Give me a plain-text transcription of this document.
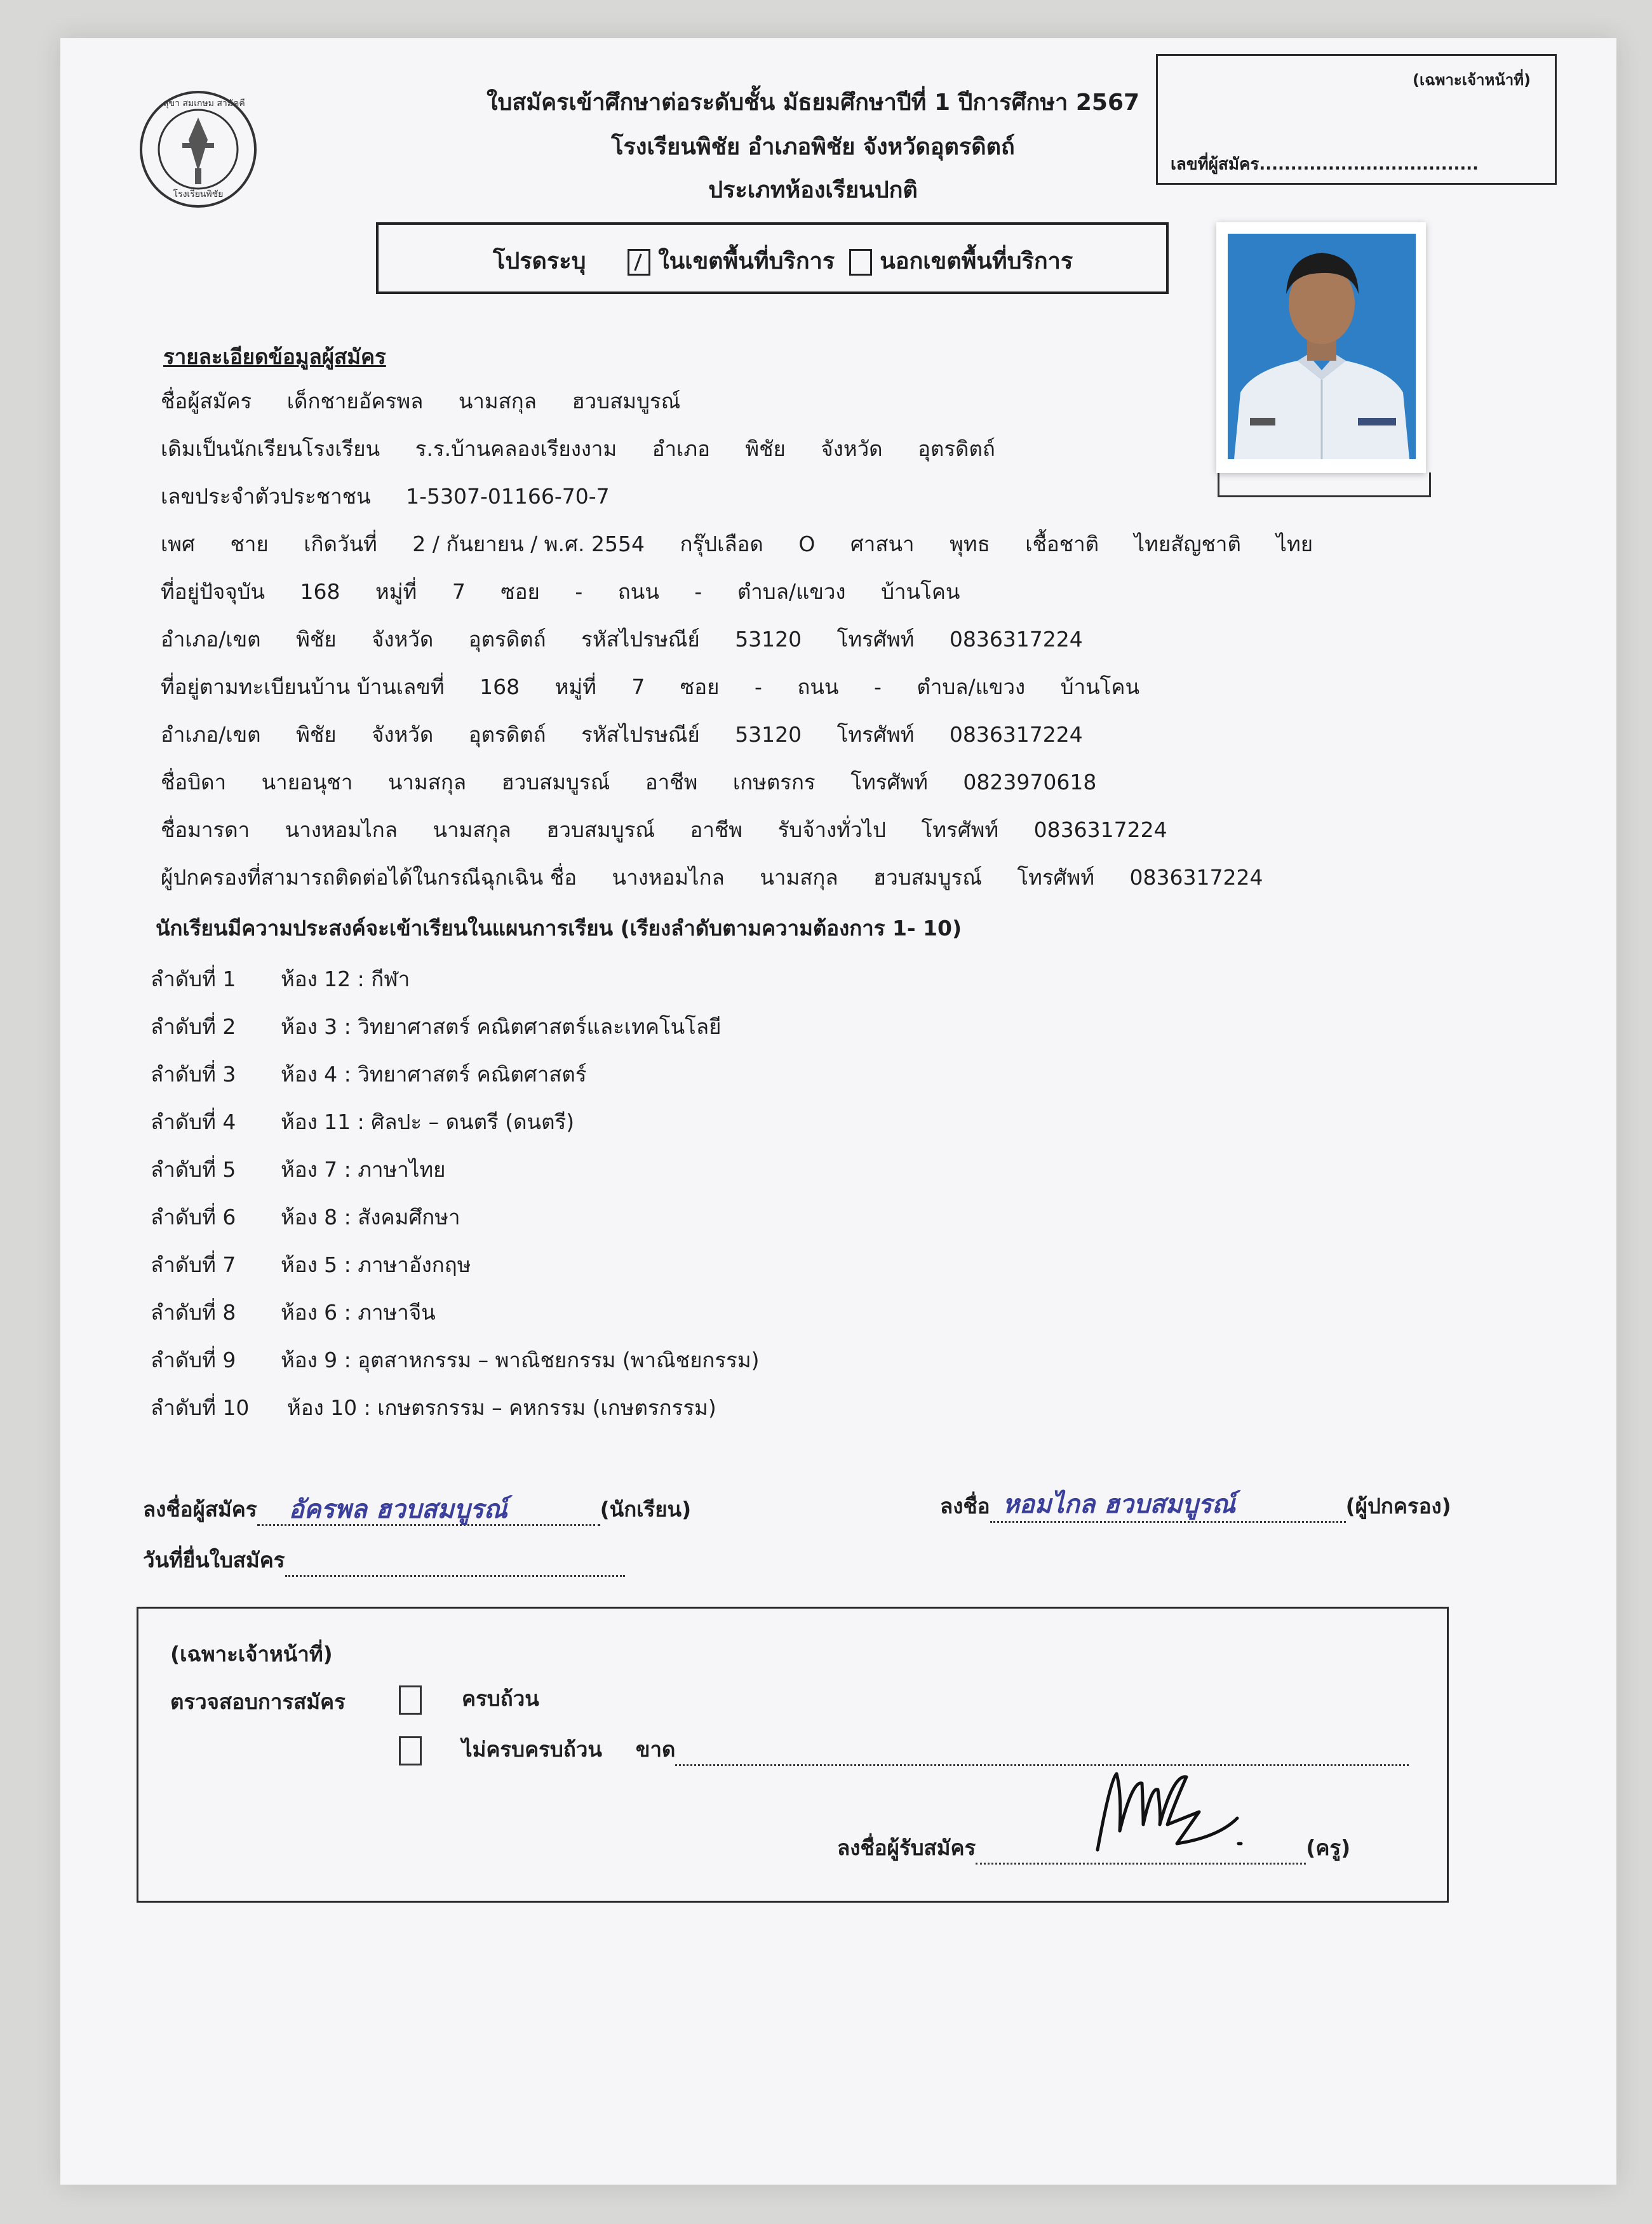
สุขา สมเกษม สามัคคี
โรงเรียนพิชัย
ใบสมัครเข้าศึกษาต่อระดับชั้น มัธยมศึกษาปีที่ 1 ปีการศึกษา 2567
โรงเรียนพิชัย อำเภอพิชัย จังหวัดอุตรดิตถ์
ประเภทห้องเรียนปกติ
(เฉพาะเจ้าหน้าที่)
เลขที่ผู้สมัคร...................................
โปรดระบุ	ในเขตพื้นที่บริการ นอกเขตพื้นที่บริการ
รายละเอียดข้อมูลผู้สมัคร
ชื่อผู้สมัคร เด็กชายอัครพล นามสกุล ฮวบสมบูรณ์
เดิมเป็นนักเรียนโรงเรียน ร.ร.บ้านคลองเรียงงาม อำเภอ พิชัย จังหวัด อุตรดิตถ์
เลขประจำตัวประชาชน 1-5307-01166-70-7
เพศ ชาย เกิดวันที่ 2 / กันยายน / พ.ศ. 2554 กรุ๊ปเลือด O ศาสนา พุทธ เชื้อชาติ ไทยสัญชาติ ไทย
ที่อยู่ปัจจุบัน 168 หมู่ที่ 7 ซอย - ถนน - ตำบล/แขวง บ้านโคน
อำเภอ/เขต พิชัย จังหวัด อุตรดิตถ์ รหัสไปรษณีย์ 53120 โทรศัพท์ 0836317224
ที่อยู่ตามทะเบียนบ้าน บ้านเลขที่ 168 หมู่ที่ 7 ซอย - ถนน - ตำบล/แขวง บ้านโคน
อำเภอ/เขต พิชัย จังหวัด อุตรดิตถ์ รหัสไปรษณีย์ 53120 โทรศัพท์ 0836317224
ชื่อบิดา นายอนุชา นามสกุล ฮวบสมบูรณ์ อาชีพ เกษตรกร โทรศัพท์ 0823970618
ชื่อมารดา นางหอมไกล นามสกุล ฮวบสมบูรณ์ อาชีพ รับจ้างทั่วไป โทรศัพท์ 0836317224
ผู้ปกครองที่สามารถติดต่อได้ในกรณีฉุกเฉิน ชื่อ นางหอมไกล นามสกุล ฮวบสมบูรณ์ โทรศัพท์ 0836317224
นักเรียนมีความประสงค์จะเข้าเรียนในแผนการเรียน (เรียงลำดับตามความต้องการ 1- 10)
ลำดับที่ 1 ห้อง 12 : กีฬา
ลำดับที่ 2 ห้อง 3 : วิทยาศาสตร์ คณิตศาสตร์และเทคโนโลยี
ลำดับที่ 3 ห้อง 4 : วิทยาศาสตร์ คณิตศาสตร์
ลำดับที่ 4 ห้อง 11 : ศิลปะ – ดนตรี (ดนตรี)
ลำดับที่ 5 ห้อง 7 : ภาษาไทย
ลำดับที่ 6 ห้อง 8 : สังคมศึกษา
ลำดับที่ 7 ห้อง 5 : ภาษาอังกฤษ
ลำดับที่ 8 ห้อง 6 : ภาษาจีน
ลำดับที่ 9 ห้อง 9 : อุตสาหกรรม – พาณิชยกรรม (พาณิชยกรรม)
ลำดับที่ 10 ห้อง 10 : เกษตรกรรม – คหกรรม (เกษตรกรรม)
ลงชื่อผู้สมัคร อัครพล ฮวบสมบูรณ์	(นักเรียน)	ลงชื่อ หอมไกล ฮวบสมบูรณ์	(ผู้ปกครอง)
วันที่ยื่นใบสมัคร
(เฉพาะเจ้าหน้าที่)
ตรวจสอบการสมัคร	ครบถ้วน
ไม่ครบครบถ้วน ขาด
ลงชื่อผู้รับสมัคร	(ครู)
